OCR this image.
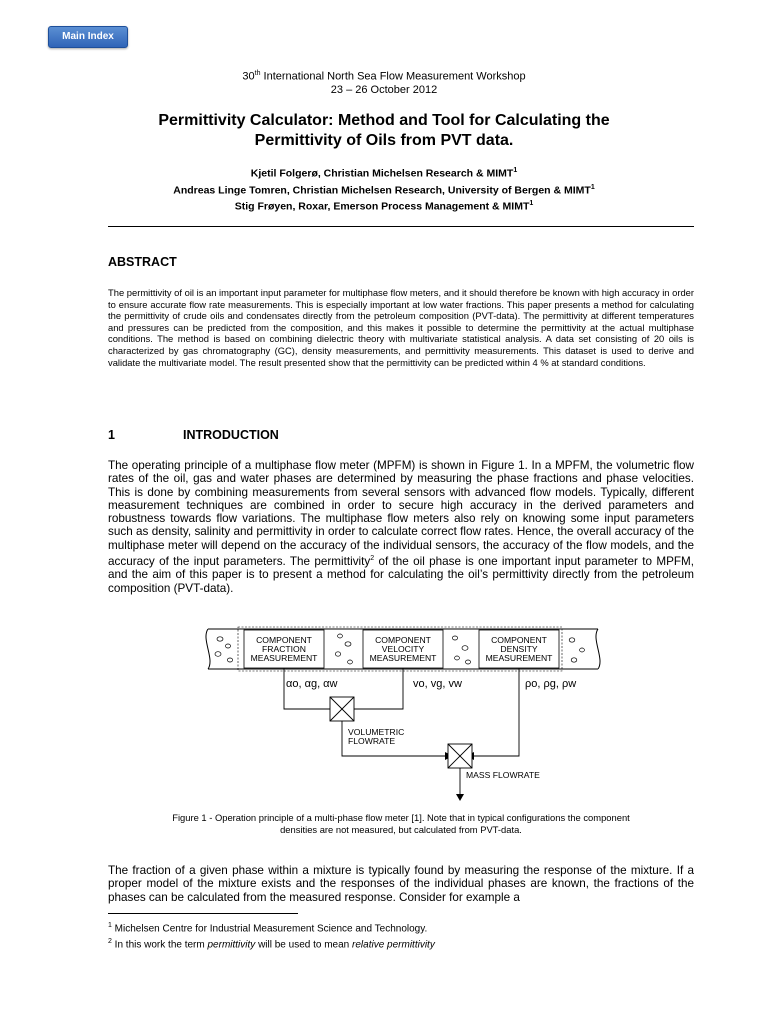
Main Index
30th International North Sea Flow Measurement Workshop
23 – 26 October 2012
Permittivity Calculator: Method and Tool for Calculating the
Permittivity of Oils from PVT data.
Kjetil Folgerø, Christian Michelsen Research & MIMT$^1$
Andreas Linge Tomren, Christian Michelsen Research, University of Bergen & MIMT$^1$
Stig Frøyen, Roxar, Emerson Process Management & MIMT$^1$
ABSTRACT
The permittivity of oil is an important input parameter for multiphase flow meters, and it should therefore be known with high accuracy in order to ensure accurate flow rate measurements. This is especially important at low water fractions. This paper presents a method for calculating the permittivity of crude oils and condensates directly from the petroleum composition (PVT-data). The permittivity at different temperatures and pressures can be predicted from the composition, and this makes it possible to determine the permittivity at the actual multiphase conditions. The method is based on combining dielectric theory with multivariate statistical analysis. A data set consisting of 20 oils is characterized by gas chromatography (GC), density measurements, and permittivity measurements. This dataset is used to derive and validate the multivariate model. The result presented show that the permittivity can be predicted within 4 % at standard conditions.
1	INTRODUCTION
The operating principle of a multiphase flow meter (MPFM) is shown in Figure 1. In a MPFM, the volumetric flow rates of the oil, gas and water phases are determined by measuring the phase fractions and phase velocities. This is done by combining measurements from several sensors with advanced flow models. Typically, different measurement techniques are combined in order to secure high accuracy in the derived parameters and robustness towards flow variations. The multiphase flow meters also rely on knowing some input parameters such as density, salinity and permittivity in order to calculate correct flow rates. Hence, the overall accuracy of the multiphase meter will depend on the accuracy of the individual sensors, the accuracy of the flow models, and the accuracy of the input parameters. The permittivity$^2$ of the oil phase is one important input parameter to MPFM, and the aim of this paper is to present a method for calculating the oil’s permittivity directly from the petroleum composition (PVT-data).
COMPONENT
FRACTION
MEASUREMENT
COMPONENT
VELOCITY
MEASUREMENT
COMPONENT
DENSITY
MEASUREMENT
αo, αg, αw	vo, vg, vw	ρo, ρg, ρw
VOLUMETRIC
FLOWRATE
MASS FLOWRATE
Figure 1 - Operation principle of a multi-phase flow meter [1]. Note that in typical configurations the component
densities are not measured, but calculated from PVT-data.
The fraction of a given phase within a mixture is typically found by measuring the response of the mixture. If a proper model of the mixture exists and the responses of the individual phases are known, the fractions of the phases can be calculated from the measured response. Consider for example a
$^1$ Michelsen Centre for Industrial Measurement Science and Technology.
$^2$ In this work the term permittivity will be used to mean relative permittivity
